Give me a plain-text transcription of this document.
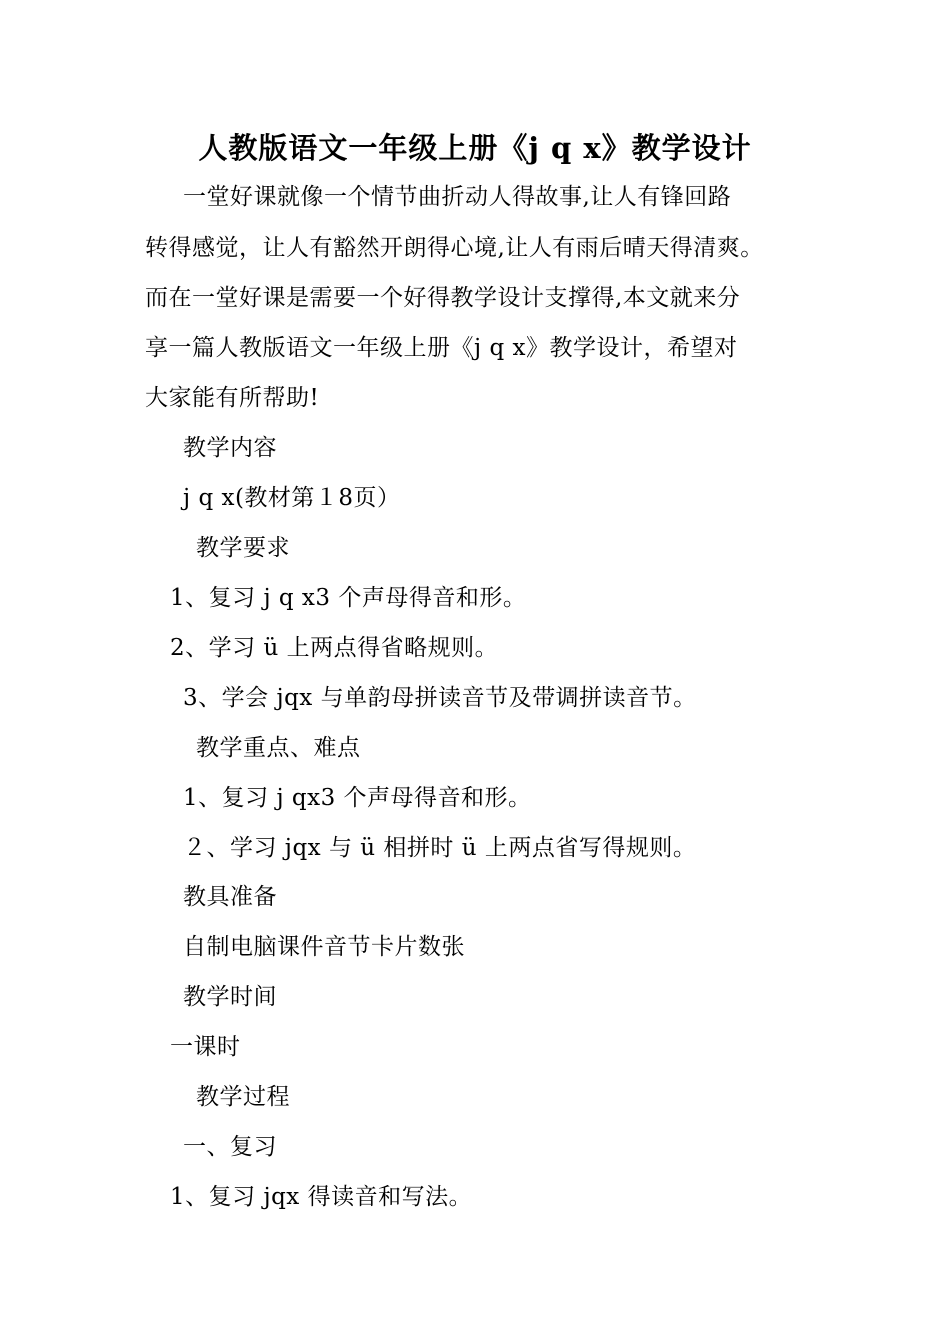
人教版语文一年级上册《j q x》教学设计
一堂好课就像一个情节曲折动人得故事,让人有锋回路
转得感觉，让人有豁然开朗得心境,让人有雨后晴天得清爽。
而在一堂好课是需要一个好得教学设计支撑得,本文就来分
享一篇人教版语文一年级上册《j q x》教学设计，希望对
大家能有所帮助!
教学内容
j q x(教材第１8页）
教学要求
1、复习 j q x3 个声母得音和形。
2、学习 ü 上两点得省略规则。
3、学会 jqx 与单韵母拼读音节及带调拼读音节。
教学重点、难点
1、复习 j qx3 个声母得音和形。
２、学习 jqx 与 ü 相拼时 ü 上两点省写得规则。
教具准备
自制电脑课件音节卡片数张
教学时间
一课时
教学过程
一、复习
1、复习 jqx 得读音和写法。
